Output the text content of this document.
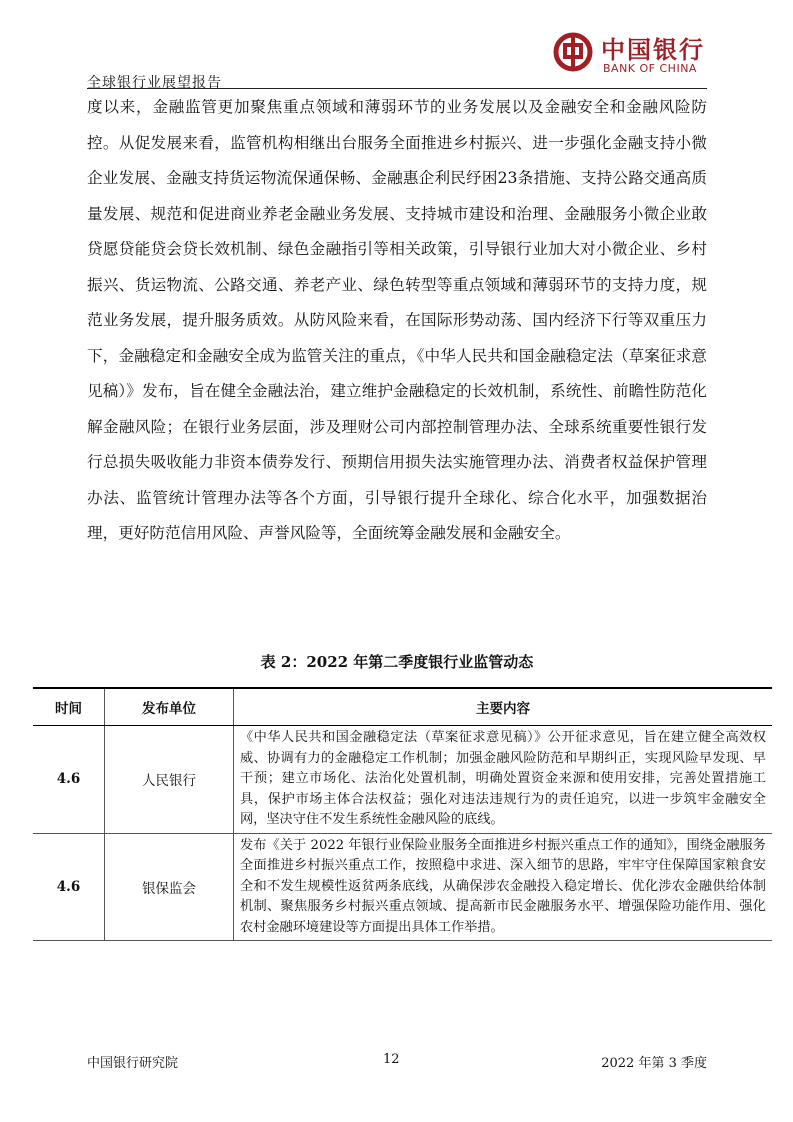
中国银行
BANK OF CHINA
全球银行业展望报告

度以来，金融监管更加聚焦重点领域和薄弱环节的业务发展以及金融安全和金融风险防控。从促发展来看，监管机构相继出台服务全面推进乡村振兴、进一步强化金融支持小微企业发展、金融支持货运物流保通保畅、金融惠企利民纾困23条措施、支持公路交通高质量发展、规范和促进商业养老金融业务发展、支持城市建设和治理、金融服务小微企业敢贷愿贷能贷会贷长效机制、绿色金融指引等相关政策，引导银行业加大对小微企业、乡村振兴、货运物流、公路交通、养老产业、绿色转型等重点领域和薄弱环节的支持力度，规范业务发展，提升服务质效。从防风险来看，在国际形势动荡、国内经济下行等双重压力下，金融稳定和金融安全成为监管关注的重点，《中华人民共和国金融稳定法（草案征求意见稿）》发布，旨在健全金融法治，建立维护金融稳定的长效机制，系统性、前瞻性防范化解金融风险；在银行业务层面，涉及理财公司内部控制管理办法、全球系统重要性银行发行总损失吸收能力非资本债券发行、预期信用损失法实施管理办法、消费者权益保护管理办法、监管统计管理办法等各个方面，引导银行提升全球化、综合化水平，加强数据治理，更好防范信用风险、声誉风险等，全面统筹金融发展和金融安全。

表 2：2022 年第二季度银行业监管动态
时间	发布单位	主要内容
4.6	人民银行	《中华人民共和国金融稳定法（草案征求意见稿）》公开征求意见，旨在建立健全高效权威、协调有力的金融稳定工作机制；加强金融风险防范和早期纠正，实现风险早发现、早干预；建立市场化、法治化处置机制，明确处置资金来源和使用安排，完善处置措施工具，保护市场主体合法权益；强化对违法违规行为的责任追究，以进一步筑牢金融安全网，坚决守住不发生系统性金融风险的底线。
4.6	银保监会	发布《关于 2022 年银行业保险业服务全面推进乡村振兴重点工作的通知》，围绕金融服务全面推进乡村振兴重点工作，按照稳中求进、深入细节的思路，牢牢守住保障国家粮食安全和不发生规模性返贫两条底线，从确保涉农金融投入稳定增长、优化涉农金融供给体制机制、聚焦服务乡村振兴重点领域、提高新市民金融服务水平、增强保险功能作用、强化农村金融环境建设等方面提出具体工作举措。
中国银行研究院	12	2022 年第 3 季度
